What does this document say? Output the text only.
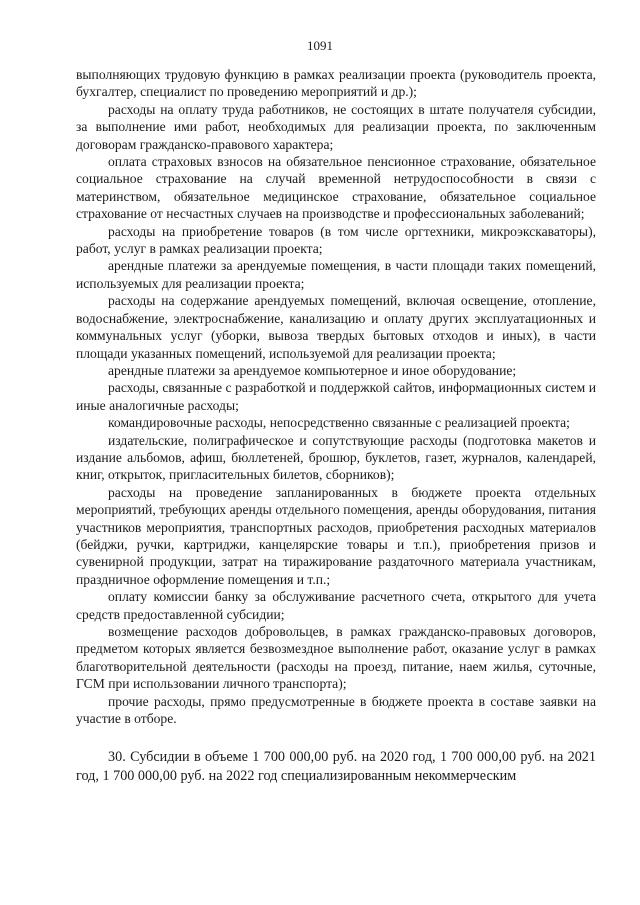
1091

выполняющих трудовую функцию в рамках реализации проекта (руководитель проекта, бухгалтер, специалист по проведению мероприятий и др.);

расходы на оплату труда работников, не состоящих в штате получателя субсидии, за выполнение ими работ, необходимых для реализации проекта, по заключенным договорам гражданско-правового характера;

оплата страховых взносов на обязательное пенсионное страхование, обязательное социальное страхование на случай временной нетрудоспособности в связи с материнством, обязательное медицинское страхование, обязательное социальное страхование от несчастных случаев на производстве и профессиональных заболеваний;

расходы на приобретение товаров (в том числе оргтехники, микроэкскаваторы), работ, услуг в рамках реализации проекта;

арендные платежи за арендуемые помещения, в части площади таких помещений, используемых для реализации проекта;

расходы на содержание арендуемых помещений, включая освещение, отопление, водоснабжение, электроснабжение, канализацию и оплату других эксплуатационных и коммунальных услуг (уборки, вывоза твердых бытовых отходов и иных), в части площади указанных помещений, используемой для реализации проекта;

арендные платежи за арендуемое компьютерное и иное оборудование;

расходы, связанные с разработкой и поддержкой сайтов, информационных систем и иные аналогичные расходы;

командировочные расходы, непосредственно связанные с реализацией проекта;

издательские, полиграфическое и сопутствующие расходы (подготовка макетов и издание альбомов, афиш, бюллетеней, брошюр, буклетов, газет, журналов, календарей, книг, открыток, пригласительных билетов, сборников);

расходы на проведение запланированных в бюджете проекта отдельных мероприятий, требующих аренды отдельного помещения, аренды оборудования, питания участников мероприятия, транспортных расходов, приобретения расходных материалов (бейджи, ручки, картриджи, канцелярские товары и т.п.), приобретения призов и сувенирной продукции, затрат на тиражирование раздаточного материала участникам, праздничное оформление помещения и т.п.;

оплату комиссии банку за обслуживание расчетного счета, открытого для учета средств предоставленной субсидии;

возмещение расходов добровольцев, в рамках гражданско-правовых договоров, предметом которых является безвозмездное выполнение работ, оказание услуг в рамках благотворительной деятельности (расходы на проезд, питание, наем жилья, суточные, ГСМ при использовании личного транспорта);

прочие расходы, прямо предусмотренные в бюджете проекта в составе заявки на участие в отборе.

30. Субсидии в объеме 1 700 000,00 руб. на 2020 год, 1 700 000,00 руб. на 2021 год, 1 700 000,00 руб. на 2022 год специализированным некоммерческим
